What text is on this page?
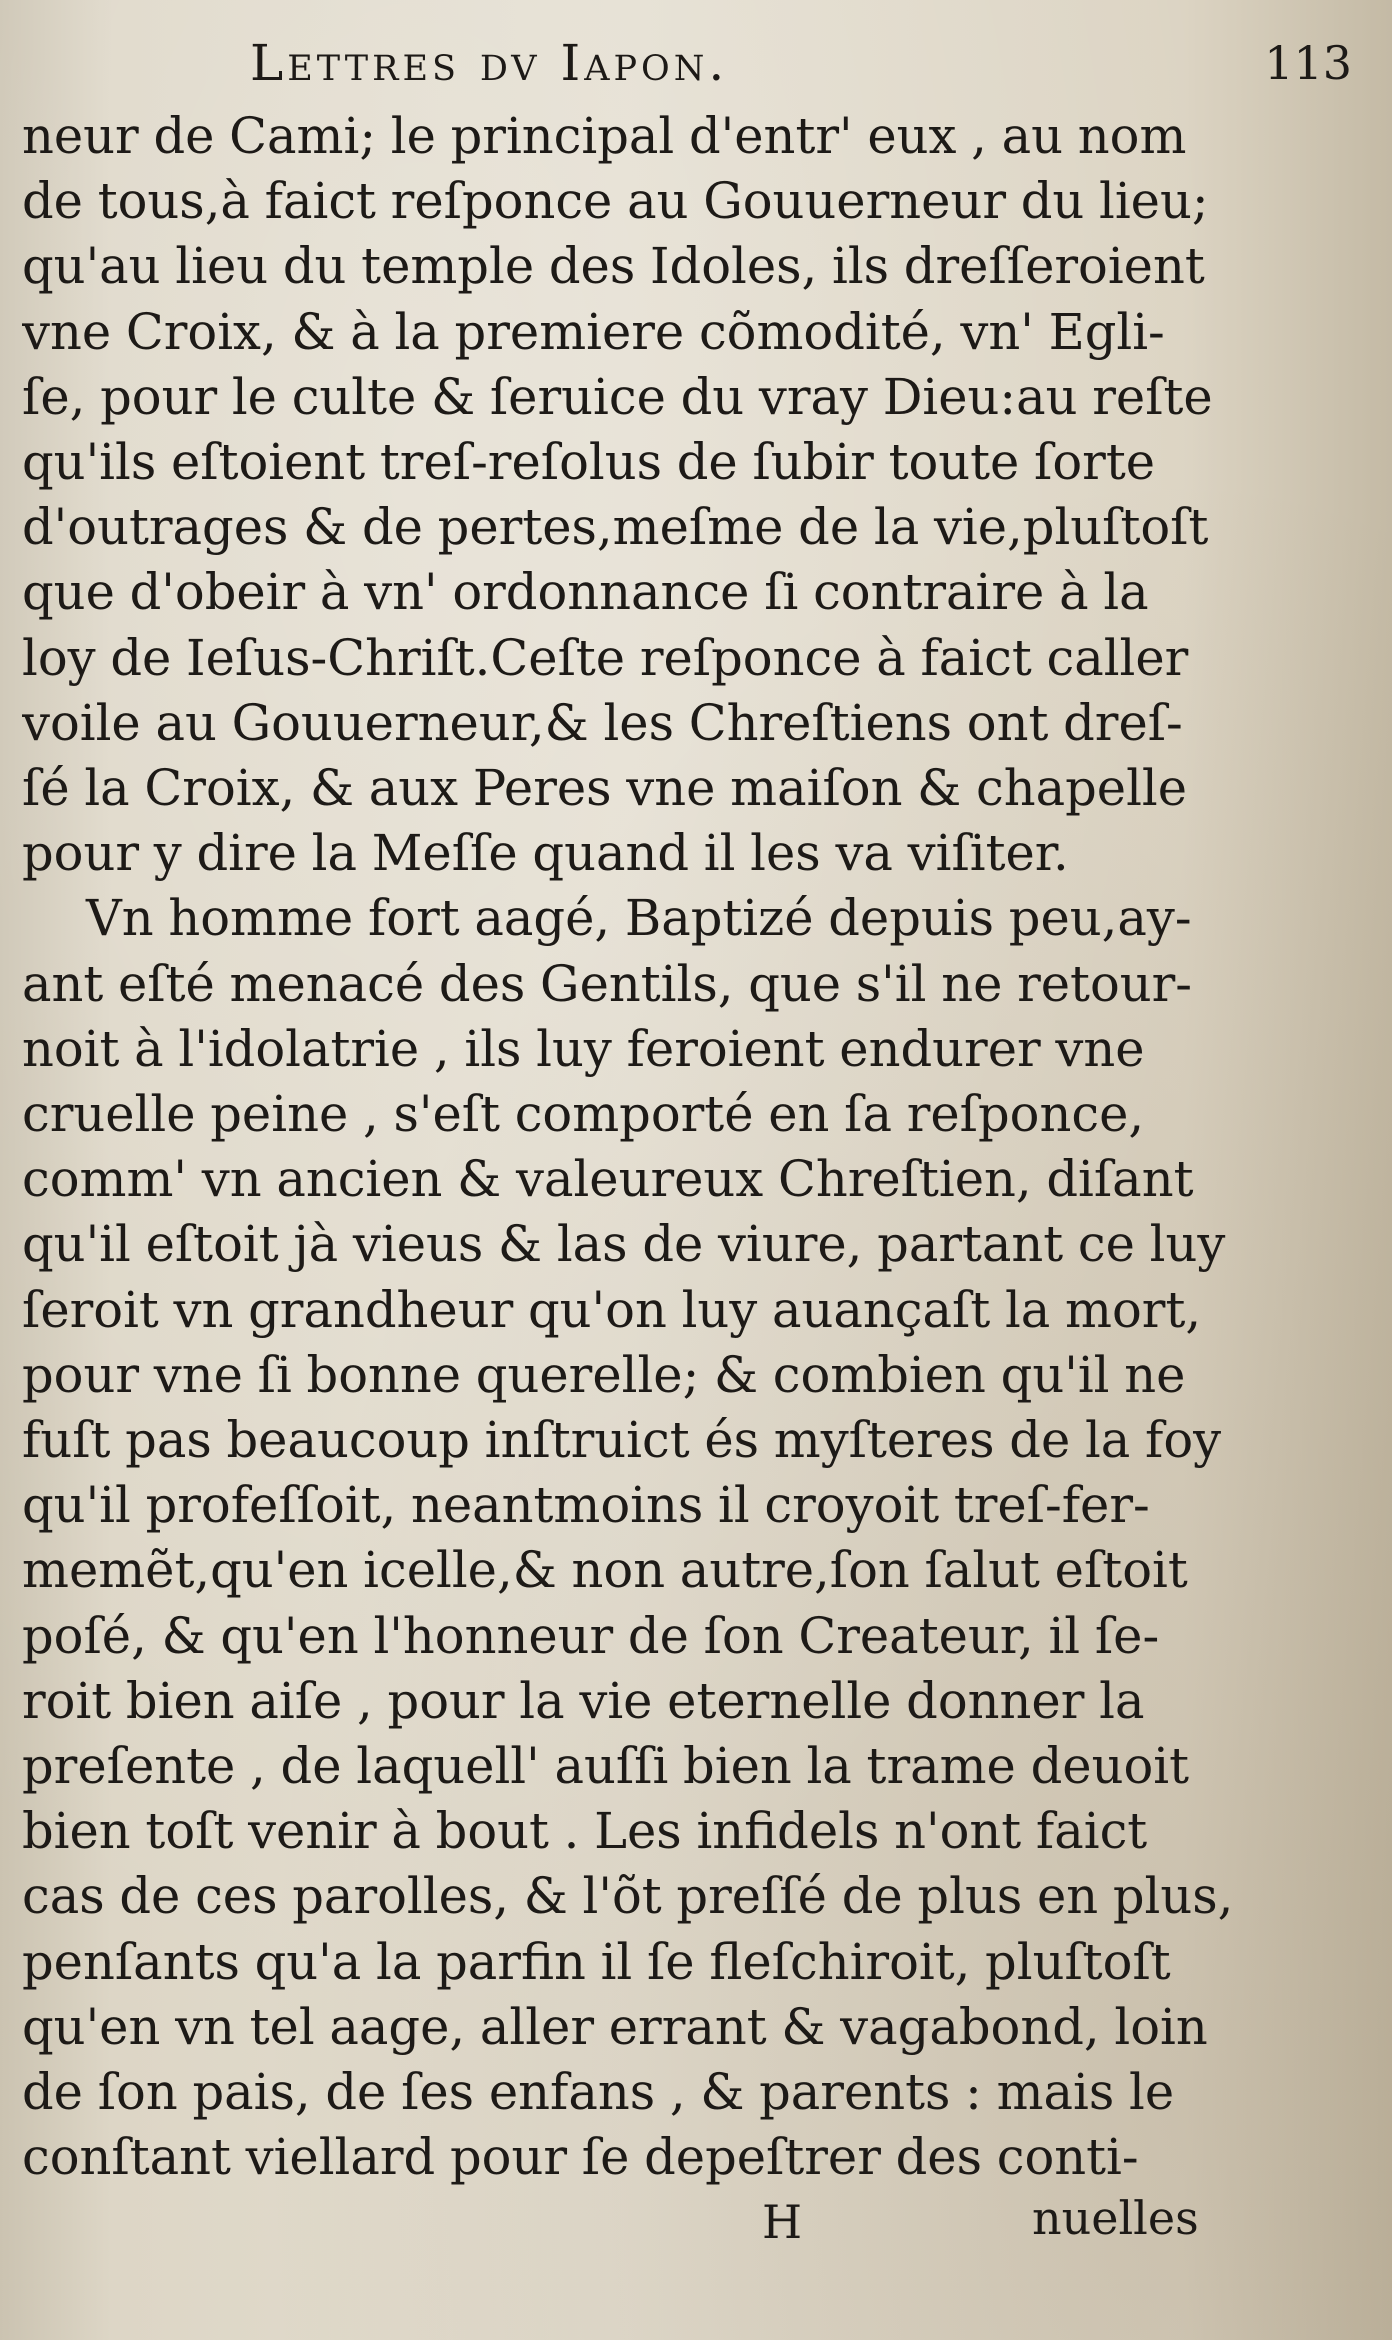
Lettres dv Iapon.	113
neur de Cami; le principal d'entr' eux , au nom
de tous,à faict reſponce au Gouuerneur du lieu;
qu'au lieu du temple des Idoles, ils dreſſeroient
vne Croix, & à la premiere cõmodité, vn' Egli-
ſe, pour le culte & ſeruice du vray Dieu:au reſte
qu'ils eſtoient treſ-reſolus de ſubir toute ſorte
d'outrages & de pertes,meſme de la vie,pluſtoſt
que d'obeir à vn' ordonnance ſi contraire à la
loy de Ieſus-Chriſt.Ceſte reſponce à faict caller
voile au Gouuerneur,& les Chreſtiens ont dreſ-
ſé la Croix, & aux Peres vne maiſon & chapelle
pour y dire la Meſſe quand il les va viſiter.
Vn homme fort aagé, Baptizé depuis peu,ay-
ant eſté menacé des Gentils, que s'il ne retour-
noit à l'idolatrie , ils luy feroient endurer vne
cruelle peine , s'eſt comporté en ſa reſponce,
comm' vn ancien & valeureux Chreſtien, diſant
qu'il eſtoit jà vieus & las de viure, partant ce luy
ſeroit vn grandheur qu'on luy auançaſt la mort,
pour vne ſi bonne querelle; & combien qu'il ne
fuſt pas beaucoup inſtruict és myſteres de la foy
qu'il profeſſoit, neantmoins il croyoit treſ-fer-
memẽt,qu'en icelle,& non autre,ſon ſalut eſtoit
poſé, & qu'en l'honneur de ſon Createur, il ſe-
roit bien aiſe , pour la vie eternelle donner la
preſente , de laquell' auſſi bien la trame deuoit
bien toſt venir à bout . Les infidels n'ont faict
cas de ces parolles, & l'õt preſſé de plus en plus,
penſants qu'a la parfin il ſe fleſchiroit, pluſtoſt
qu'en vn tel aage, aller errant & vagabond, loin
de ſon pais, de ſes enfans , & parents : mais le
conſtant viellard pour ſe depeſtrer des conti-
H	nuelles
